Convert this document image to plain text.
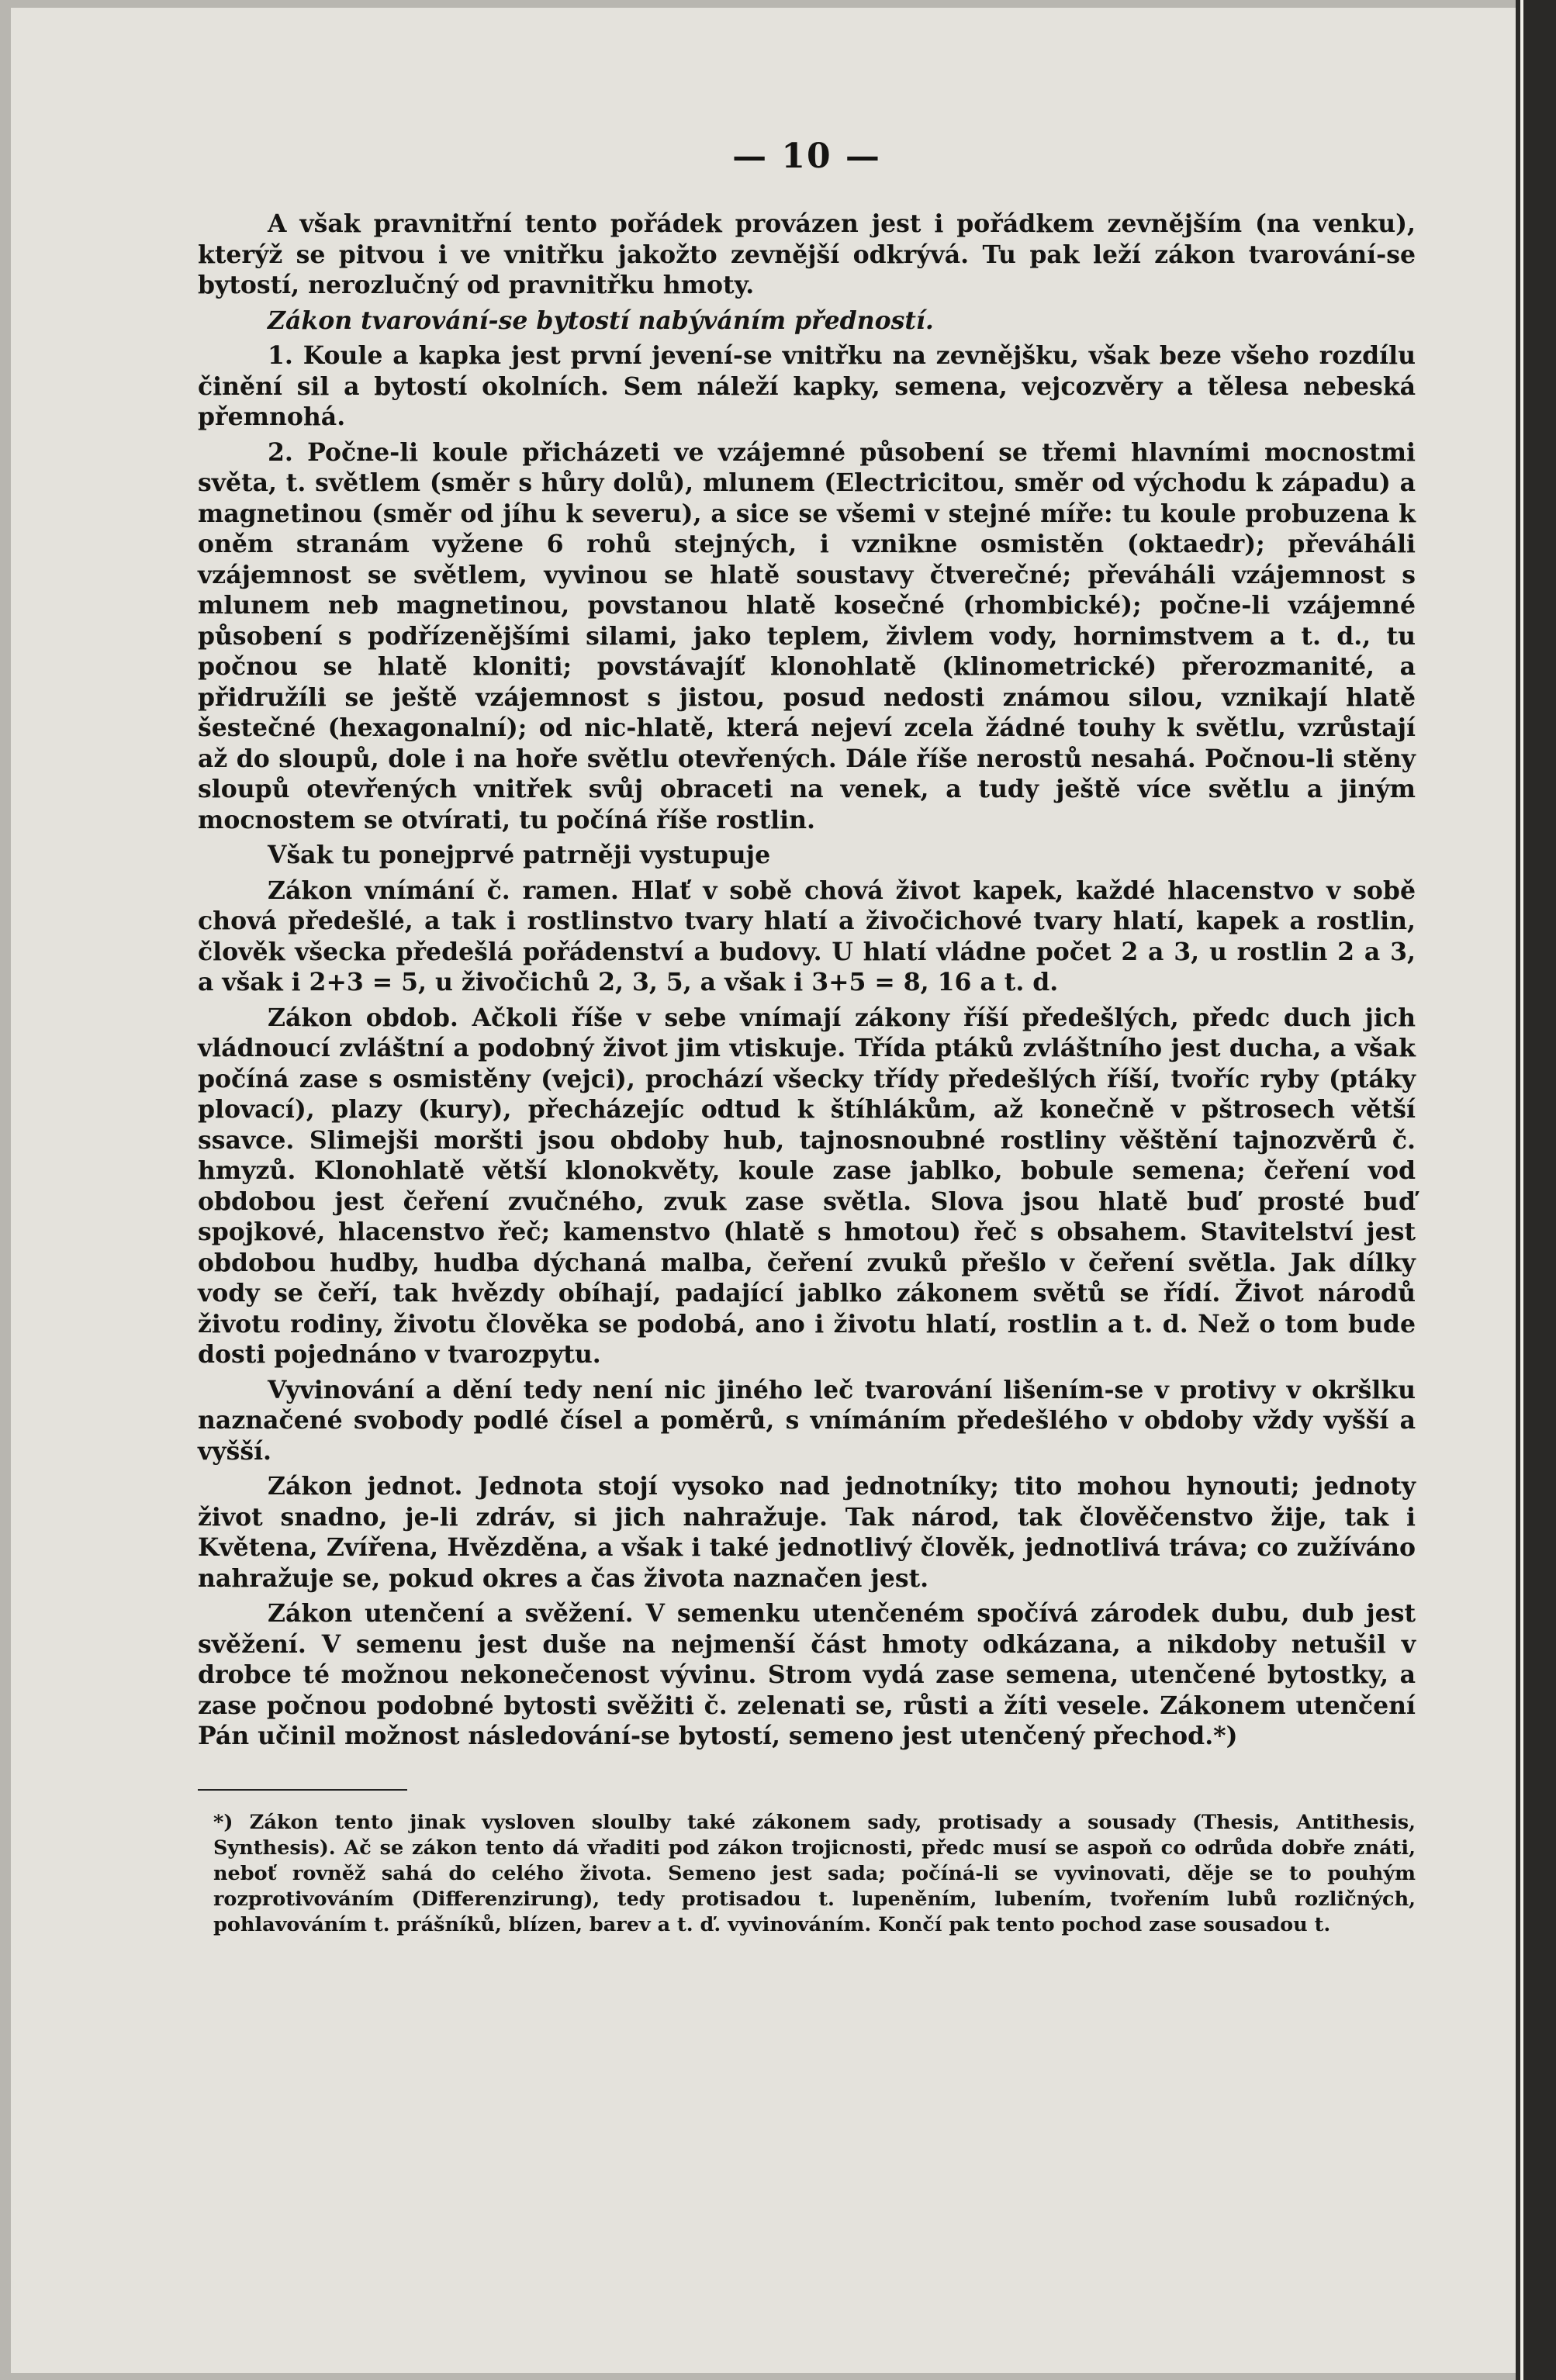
— 10 —

A však pravnitřní tento pořádek provázen jest i pořádkem zevnějším (na venku), kterýž se pitvou i ve vnitřku jakožto zevnější odkrývá. Tu pak leží zákon tvarování-se bytostí, nerozlučný od pravnitřku hmoty.

Zákon tvarování-se bytostí nabýváním předností.

1. Koule a kapka jest první jevení-se vnitřku na zevnějšku, však beze všeho rozdílu činění sil a bytostí okolních. Sem náleží kapky, semena, vejcozvěry a tělesa nebeská přemnohá.

2. Počne-li koule přicházeti ve vzájemné působení se třemi hlavními mocnostmi světa, t. světlem (směr s hůry dolů), mlunem (Electricitou, směr od východu k západu) a magnetinou (směr od jíhu k severu), a sice se všemi v stejné míře: tu koule probuzena k oněm stranám vyžene 6 rohů stejných, i vznikne osmistěn (oktaedr); převáháli vzájemnost se světlem, vyvinou se hlatě soustavy čtverečné; převáháli vzájemnost s mlunem neb magnetinou, povstanou hlatě kosečné (rhombické); počne-li vzájemné působení s podřízenějšími silami, jako teplem, živlem vody, hornimstvem a t. d., tu počnou se hlatě kloniti; povstávajíť klonohlatě (klinometrické) přerozmanité, a přidružíli se ještě vzájemnost s jistou, posud nedosti známou silou, vznikají hlatě šestečné (hexagonalní); od nic-hlatě, která nejeví zcela žádné touhy k světlu, vzrůstají až do sloupů, dole i na hoře světlu otevřených. Dále říše nerostů nesahá. Počnou-li stěny sloupů otevřených vnitřek svůj obraceti na venek, a tudy ještě více světlu a jiným mocnostem se otvírati, tu počíná říše rostlin.

Však tu ponejprvé patrněji vystupuje

Zákon vnímání č. ramen. Hlať v sobě chová život kapek, každé hlacenstvo v sobě chová předešlé, a tak i rostlinstvo tvary hlatí a živočichové tvary hlatí, kapek a rostlin, člověk všecka předešlá pořádenství a budovy. U hlatí vládne počet 2 a 3, u rostlin 2 a 3, a však i 2+3 = 5, u živočichů 2, 3, 5, a však i 3+5 = 8, 16 a t. d.

Zákon obdob. Ačkoli říše v sebe vnímají zákony říší předešlých, předc duch jich vládnoucí zvláštní a podobný život jim vtiskuje. Třída ptáků zvláštního jest ducha, a však počíná zase s osmistěny (vejci), prochází všecky třídy předešlých říší, tvoříc ryby (ptáky plovací), plazy (kury), přecházejíc odtud k štíhlákům, až konečně v pštrosech větší ssavce. Slimejši moršti jsou obdoby hub, tajnosnoubné rostliny věštění tajnozvěrů č. hmyzů. Klonohlatě větší klonokvěty, koule zase jablko, bobule semena; čeření vod obdobou jest čeření zvučného, zvuk zase světla. Slova jsou hlatě buď prosté buď spojkové, hlacenstvo řeč; kamenstvo (hlatě s hmotou) řeč s obsahem. Stavitelství jest obdobou hudby, hudba dýchaná malba, čeření zvuků přešlo v čeření světla. Jak dílky vody se čeří, tak hvězdy obíhají, padající jablko zákonem světů se řídí. Život národů životu rodiny, životu člověka se podobá, ano i životu hlatí, rostlin a t. d. Než o tom bude dosti pojednáno v tvarozpytu.

Vyvinování a dění tedy není nic jiného leč tvarování lišením-se v protivy v okršlku naznačené svobody podlé čísel a poměrů, s vnímáním předešlého v obdoby vždy vyšší a vyšší.

Zákon jednot. Jednota stojí vysoko nad jednotníky; tito mohou hynouti; jednoty život snadno, je-li zdráv, si jich nahražuje. Tak národ, tak člověčenstvo žije, tak i Květena, Zvířena, Hvězděna, a však i také jednotlivý člověk, jednotlivá tráva; co zužíváno nahražuje se, pokud okres a čas života naznačen jest.

Zákon utenčení a svěžení. V semenku utenčeném spočívá zárodek dubu, dub jest svěžení. V semenu jest duše na nejmenší část hmoty odkázana, a nikdoby netušil v drobce té možnou nekonečenost vývinu. Strom vydá zase semena, utenčené bytostky, a zase počnou podobné bytosti svěžiti č. zelenati se, růsti a žíti vesele. Zákonem utenčení Pán učinil možnost následování-se bytostí, semeno jest utenčený přechod.*)

*) Zákon tento jinak vysloven sloulby také zákonem sady, protisady a sousady (Thesis, Antithesis, Synthesis). Ač se zákon tento dá vřaditi pod zákon trojicnosti, předc musí se aspoň co odrůda dobře znáti, neboť rovněž sahá do celého života. Semeno jest sada; počíná-li se vyvinovati, děje se to pouhým rozprotivováním (Differenzirung), tedy protisadou t. lupeněním, lubením, tvořením lubů rozličných, pohlavováním t. prášníků, blízen, barev a t. ď. vyvinováním. Končí pak tento pochod zase sousadou t.
